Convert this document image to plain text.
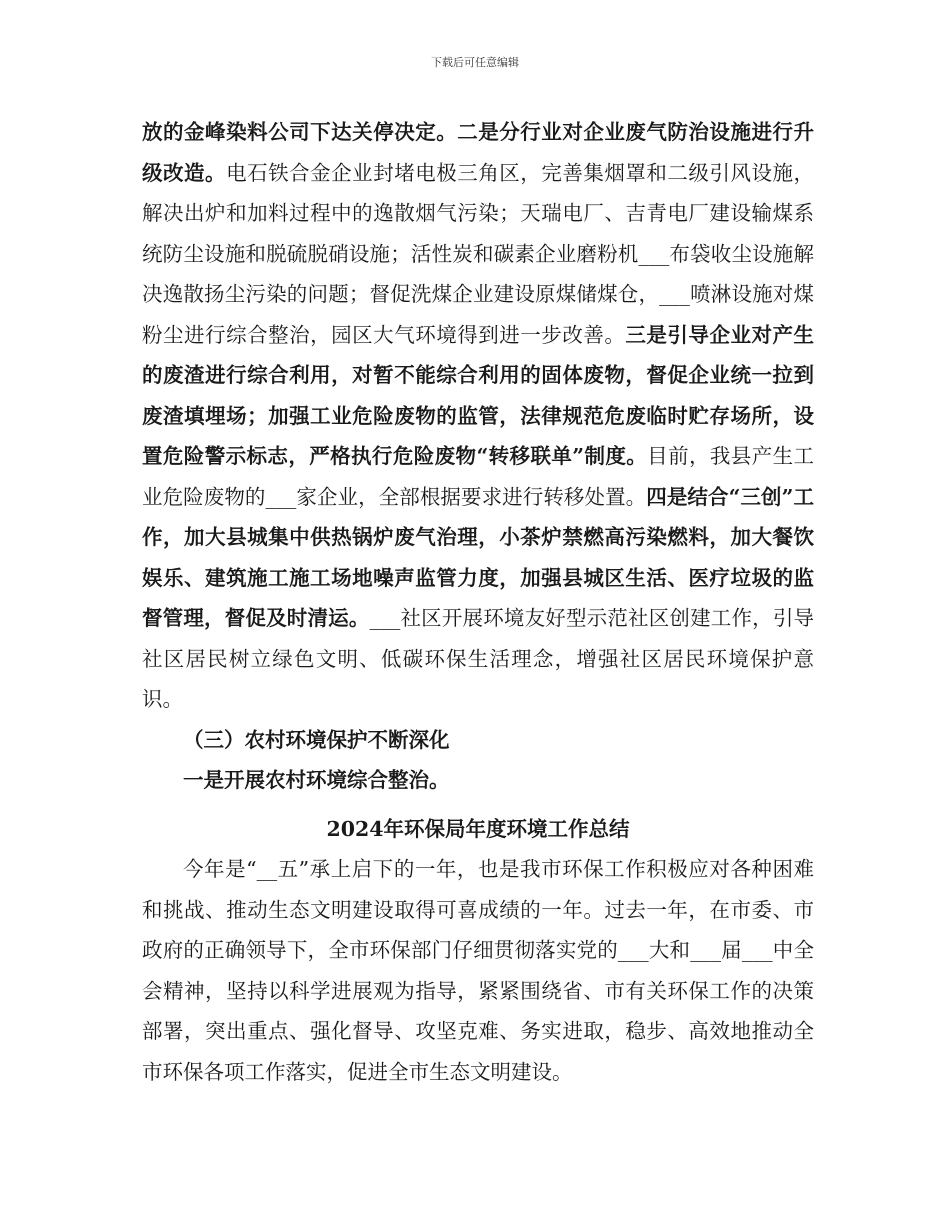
下载后可任意编辑

放的金峰染料公司下达关停决定。二是分行业对企业废气防治设施进行升级改造。电石铁合金企业封堵电极三角区，完善集烟罩和二级引风设施，解决出炉和加料过程中的逸散烟气污染；天瑞电厂、吉青电厂建设输煤系统防尘设施和脱硫脱硝设施；活性炭和碳素企业磨粉机___布袋收尘设施解决逸散扬尘污染的问题；督促洗煤企业建设原煤储煤仓，___喷淋设施对煤粉尘进行综合整治，园区大气环境得到进一步改善。三是引导企业对产生的废渣进行综合利用，对暂不能综合利用的固体废物，督促企业统一拉到废渣填埋场；加强工业危险废物的监管，法律规范危废临时贮存场所，设置危险警示标志，严格执行危险废物“转移联单”制度。目前，我县产生工业危险废物的___家企业，全部根据要求进行转移处置。四是结合“三创”工作，加大县城集中供热锅炉废气治理，小茶炉禁燃高污染燃料，加大餐饮娱乐、建筑施工施工场地噪声监管力度，加强县城区生活、医疗垃圾的监督管理，督促及时清运。___社区开展环境友好型示范社区创建工作，引导社区居民树立绿色文明、低碳环保生活理念，增强社区居民环境保护意识。

（三）农村环境保护不断深化

一是开展农村环境综合整治。

2024年环保局年度环境工作总结

今年是“__五”承上启下的一年，也是我市环保工作积极应对各种困难和挑战、推动生态文明建设取得可喜成绩的一年。过去一年，在市委、市政府的正确领导下，全市环保部门仔细贯彻落实党的___大和___届___中全会精神，坚持以科学进展观为指导，紧紧围绕省、市有关环保工作的决策部署，突出重点、强化督导、攻坚克难、务实进取，稳步、高效地推动全市环保各项工作落实，促进全市生态文明建设。
